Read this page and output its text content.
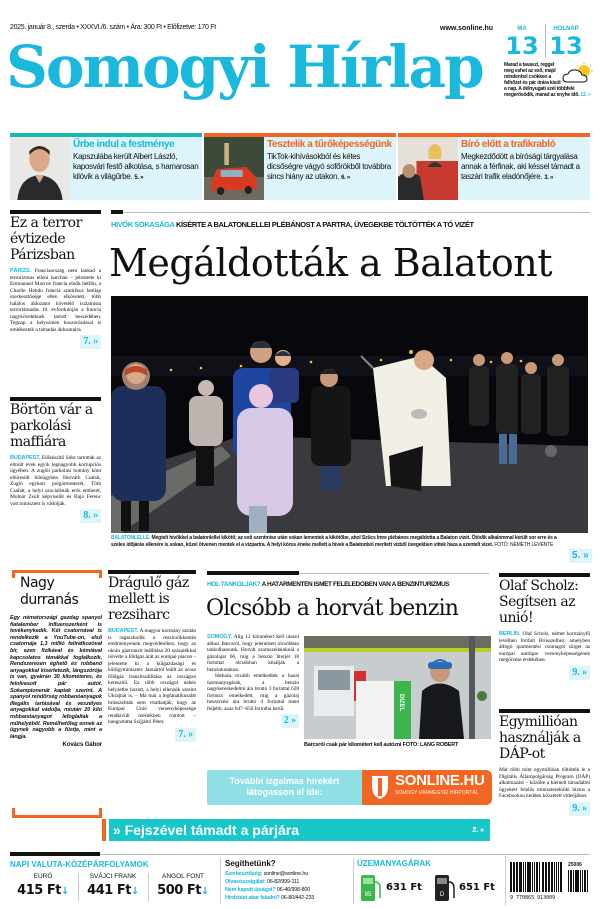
2025. január 8., szerda • XXXVI./6. szám • Ára: 300 Ft • Előfizetve: 170 Ft
Somogyi Hírlap
www.sonline.hu	MA
13
HOLNAP
13
Marad a tavaszi, reggel még eshet az eső, majd mindenhol csökken a felhőzet és pár órára kisüt a nap. A délnyugati szél többfelé megerősödik, marad az enyhe idő. 12. »
Űrbe indul a festménye
Kapszulába került Albert László, kaposvári festő alkotása, s hamarosan kilövik a világűrbe. 5. »
Tesztelik a tűrőképességünk
TikTok-kihívásokból és kétes dicsőségre vágyó sofőrökből továbbra sincs hiány az utakon. 6. »
Bíró előtt a trafikrabló
Megkezdődött a bírósági tárgyalása annak a férfinak, aki késsel támadt a taszári trafik eladónőjére. 3. »
Ez a terror évtizede Párizsban
PÁRIZS. Franciaország nem lankad a terrorizmus elleni harcban – jelentette ki Emmanuel Macron francia elnök hétfőn, a Charlie Hebdo francia szatirikus hetilap szerkesztősége ellen elkövetett, több halálos áldozatot követelő iszlamista terrortámadás 10. évfordulóján a francia nagyköveteknek tartott beszédében. Tegnap a helyszínen koszorúzással is emlékeztek a támadás áldozataira.
7. »
Börtön vár a parkolási maffiára
BUDAPEST. Előkészítő ülést tartottak az elmúlt évek egyik legnagyobb korrupciós ügyében. A zuglói parkolási botrány könt elhíresült bűnügyben Horváth Csabát, Zugló egykori polgármesterét, Tóth Csabát, a helyi szocialisták erős emberét, Molnár Zsolt képviselőt és Baja Ferenc volt minisztert is vádolják.
8. »
HÍVŐK SOKASÁGA KÍSÉRTE A BALATONLELLEI PLÉBÁNOST A PARTRA, ÜVEGEKBE TÖLTÖTTÉK A TÓ VIZÉT
Megáldották a Balatont
BALATONLELLE. Megtelt hívőkkel a balatonlellei kikötő; az esti szentmise után sokan lementek a kikötőbe, ahol Szűcs Imre plébános megáldotta a Balaton vizét. Ötödik alkalommal került sor erre és a szeles időjárás ellenére is sokan, közel ötvenen mentek el a vízpartra. A helyi kórus éneke mellett a hívek a Balatonból merített vízből üvegekben vittek haza a szentelt vizet. FOTÓ: NÉMETH LEVENTE
5. »
Nagy durranás
Egy németországi gazdag spanyol fiatalember influenszerként is tevékenykedik. Két csatornával is rendelkezik a YouTube-on, első csatornája 1,3 millió feliratkozóval bír, ezen fizikával és kémiával kapcsolatos témákkal foglalkozik. Rendszeresen éghető és robbanó anyagokkal kísérletezik, lángszórója is van, gyakran 30 kilométeres, és felolvasott pár autót. Sokampionenát kaptak szerint. A spanyol rendőrség robbanóanyagok illegális tartásával és veszélyes anyagokkal vádolja, miután 20 kiló robbanóanyagot lefoglaltak a műhelyéből. Remélhetőleg ennek az ügynek nagyobb a füstje, mint a lángja.
Kovács Gábor
Drágulő gáz mellett is rezsiharc
BUDAPEST. A magyar kormány azután is ragaszkodik a rezsicsökkentés eredményeinek megvédéséhez, hogy az ukrán gáztranzit leállítása 20 százalékkal növelte a földgáz árát az európai piacon – jelentette ki a külgazdasági és külügyminiszter. Januártól leállt az orosz földgáz tranzitszállítása az országon keresztül. Ez több országot nehéz helyzetbe hozott, a helyi ellenzék szerint Ukrajnát is. – Ma már a legfanatikusabb brüsszeliták sem vitathatják, hogy az Európai Unió versenyképessége rendkívüli mértékben romlott – hangoztatta Szijjártó Péter.
7. »
HOL TANKOLJAK? A HATÁRMENTÉN ISMÉT FELÉLEDŐBEN VAN A BENZINTURIZMUS
Olcsóbb a horvát benzin
SOMOGY. Alig 12 kilométert kell utazni ahhoz Barcsról, hogy jelentősen olcsóbban tankolhassunk. Horvát szomszédainknál a gázolajat 66, míg a benzin literjét 18 forinttal olcsóbban kínálják a benzinkutakon.
Idehaza tovább emelkedtek a hazai üzemanyagárak, a benzin nagykereskedelmi ára bruttó 3 forinttal 628 forintra emelkedett, míg a gázolaj beszerzési ára bruttó 4 forinttal ment feljebb, azaz 647–650 forintba kerül.
2 »
DIZEL
Barcsról csak pár kilométert kell autózni FOTÓ: LANG RÓBERT
További izgalmas hírekért látogasson el ide:
SONLINE.HU
SOMOGY VÁRMEGYEI HÍRPORTÁL
» Fejszével támadt a párjára	2. »
Olaf Scholz: Segítsen az unió!
BERLIN. Olaf Scholz, német kormányfő levélben fordult Brüsszelhez, amelyben átfogó iparmentési csomagot sürget az európai autóipar versenyképességének megőrzése érdekében.
9. »
Egymillióan használják a DÁP-ot
Már több mint egymillióan töltötték le a Digitális Állampolgárság Program (DÁP) alkalmazást – közölte a kiemelt társadalmi ügyekért felelős miniszterelnöki biztos a Facebookon kedden közzétett videójában.
9. »
NAPI VALUTA-KÖZÉPÁRFOLYAMOK
EURÓ
415 Ft↓
SVÁJCI FRANK
441 Ft↓
ANGOL FONT
500 Ft↓
Segíthetünk?
Szerkesztőség: sonline@sonline.hu
Olvasószolgálat: 06-82/999-111
Nem kapott újságot? 06-46/998-800
Hirdetést akar feladni? 06-80/442-233
ÜZEMANYAGÁRAK
95
631 Ft
D
651 Ft
25006
9 770865 913009
